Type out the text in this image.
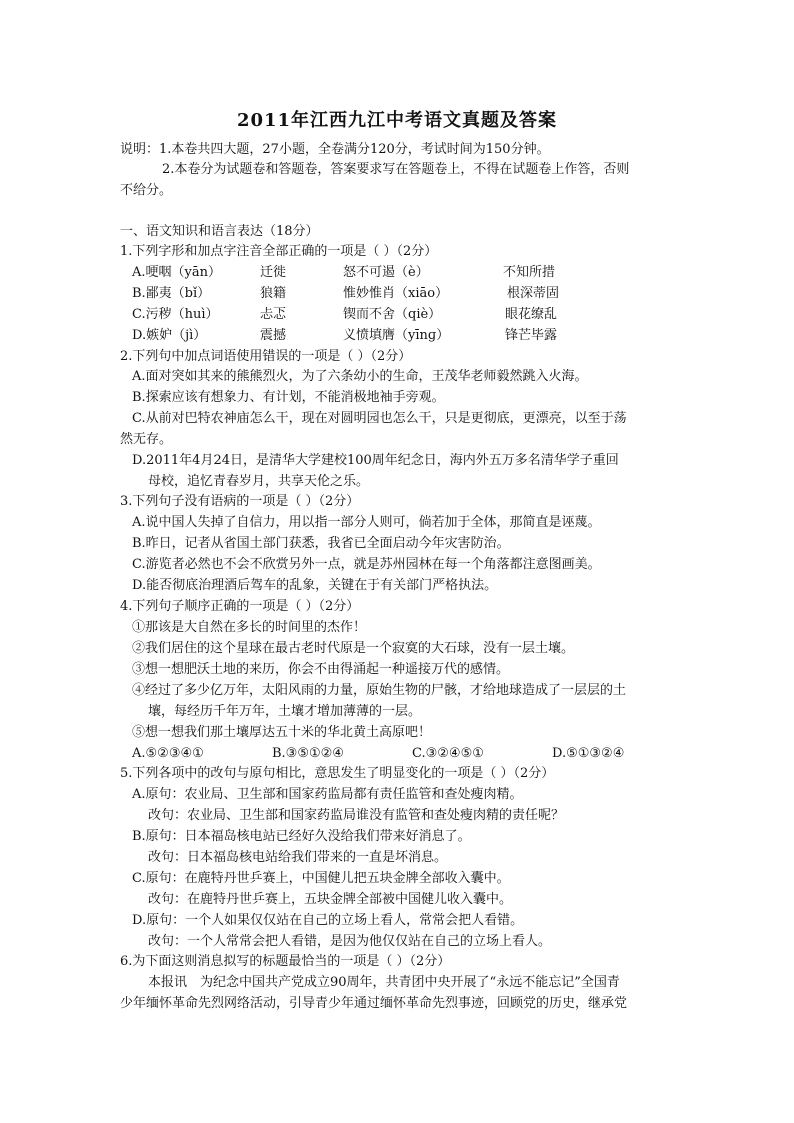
2011年江西九江中考语文真题及答案
说明：1.本卷共四大题，27小题，全卷满分120分，考试时间为150分钟。
2.本卷分为试题卷和答题卷，答案要求写在答题卷上，不得在试题卷上作答，否则
不给分。
一、语文知识和语言表达（18分）
1.下列字形和加点字注音全部正确的一项是（ ）（2分）
A.哽咽（yān）	迁徙	怒不可遏（è）	不知所措
B.鄙夷（bǐ）	狼籍	惟妙惟肖（xiāo）	根深蒂固
C.污秽（huì）	忐忑	锲而不舍（qiè）	眼花缭乱
D.嫉妒（jì）	震撼	义愤填膺（yīnɡ）	锋芒毕露
2.下列句中加点词语使用错误的一项是（ ）（2分）
A.面对突如其来的熊熊烈火，为了六条幼小的生命，王茂华老师毅然跳入火海。
B.探索应该有想象力、有计划，不能消极地袖手旁观。
C.从前对巴特农神庙怎么干，现在对圆明园也怎么干，只是更彻底，更漂亮，以至于荡
然无存。
D.2011年4月24日，是清华大学建校100周年纪念日，海内外五万多名清华学子重回
母校，追忆青春岁月，共享天伦之乐。
3.下列句子没有语病的一项是（ ）（2分）
A.说中国人失掉了自信力，用以指一部分人则可，倘若加于全体，那简直是诬蔑。
B.昨日，记者从省国土部门获悉，我省已全面启动今年灾害防治。
C.游览者必然也不会不欣赏另外一点，就是苏州园林在每一个角落都注意图画美。
D.能否彻底治理酒后驾车的乱象，关键在于有关部门严格执法。
4.下列句子顺序正确的一项是（ ）（2分）
①那该是大自然在多长的时间里的杰作！
②我们居住的这个星球在最古老时代原是一个寂寞的大石球，没有一层土壤。
③想一想肥沃土地的来历，你会不由得涌起一种遥接万代的感情。
④经过了多少亿万年，太阳风雨的力量，原始生物的尸骸，才给地球造成了一层层的土
壤，每经历千年万年，土壤才增加薄薄的一层。
⑤想一想我们那土壤厚达五十米的华北黄土高原吧！
A.⑤②③④①	B.③⑤①②④	C.③②④⑤①	D.⑤①③②④
5.下列各项中的改句与原句相比，意思发生了明显变化的一项是（ ）（2分）
A.原句：农业局、卫生部和国家药监局都有责任监管和查处瘦肉精。
改句：农业局、卫生部和国家药监局谁没有监管和查处瘦肉精的责任呢？
B.原句：日本福岛核电站已经好久没给我们带来好消息了。
改句：日本福岛核电站给我们带来的一直是坏消息。
C.原句：在鹿特丹世乒赛上，中国健儿把五块金牌全部收入囊中。
改句：在鹿特丹世乒赛上，五块金牌全部被中国健儿收入囊中。
D.原句：一个人如果仅仅站在自己的立场上看人，常常会把人看错。
改句：一个人常常会把人看错，是因为他仅仅站在自己的立场上看人。
6.为下面这则消息拟写的标题最恰当的一项是（ ）（2分）
本报讯　为纪念中国共产党成立90周年，共青团中央开展了“永远不能忘记”全国青
少年缅怀革命先烈网络活动，引导青少年通过缅怀革命先烈事迹，回顾党的历史，继承党
